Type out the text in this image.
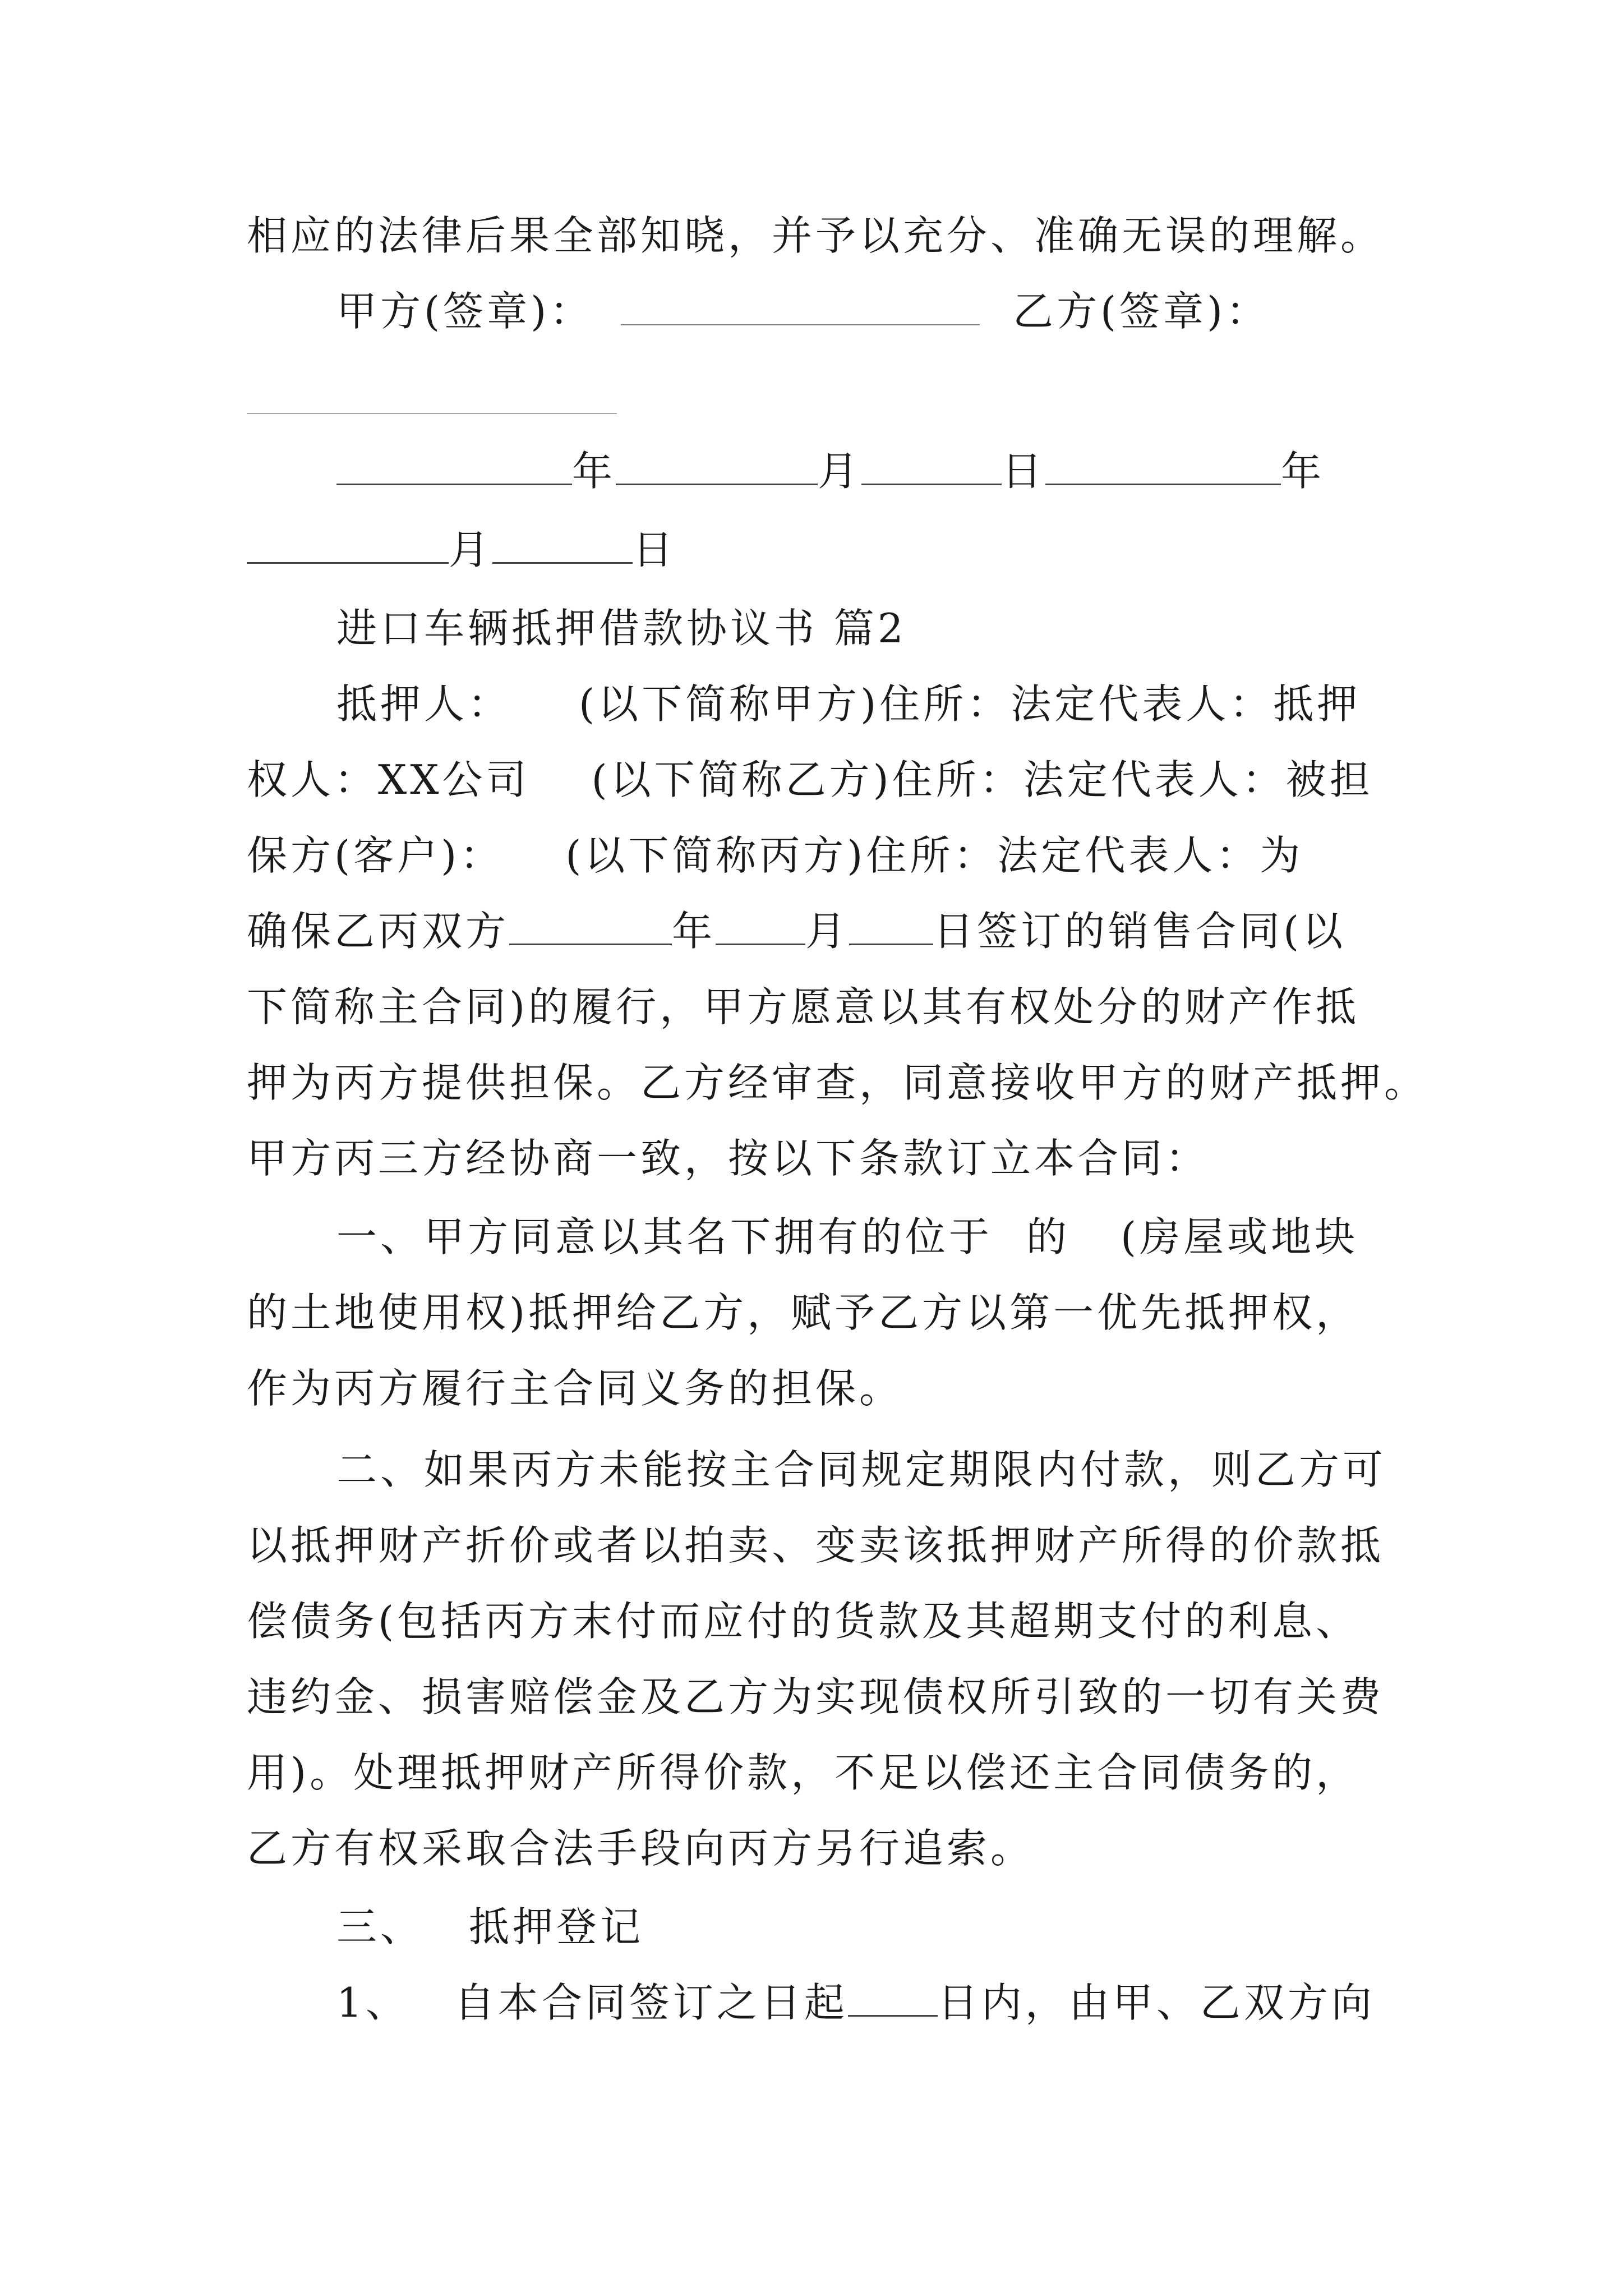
相应的法律后果全部知晓，并予以充分、准确无误的理解。
甲方(签章)：	乙方(签章)：
年	月	日	年
月	日
进口车辆抵押借款协议书 篇2
抵押人： (以下简称甲方)住所：法定代表人：抵押
权人：XX公司 (以下简称乙方)住所：法定代表人：被担
保方(客户)： (以下简称丙方)住所：法定代表人：为
确保乙丙双方	年 月 日签订的销售合同(以
下简称主合同)的履行，甲方愿意以其有权处分的财产作抵
押为丙方提供担保。乙方经审查，同意接收甲方的财产抵押。
甲方丙三方经协商一致，按以下条款订立本合同：
一、甲方同意以其名下拥有的位于 的 (房屋或地块
的土地使用权)抵押给乙方，赋予乙方以第一优先抵押权，
作为丙方履行主合同义务的担保。
二、如果丙方未能按主合同规定期限内付款，则乙方可
以抵押财产折价或者以拍卖、变卖该抵押财产所得的价款抵
偿债务(包括丙方末付而应付的货款及其超期支付的利息、
违约金、损害赔偿金及乙方为实现债权所引致的一切有关费
用)。处理抵押财产所得价款，不足以偿还主合同债务的，
乙方有权采取合法手段向丙方另行追索。
三、 抵押登记
1、 自本合同签订之日起 日内，由甲、乙双方向
